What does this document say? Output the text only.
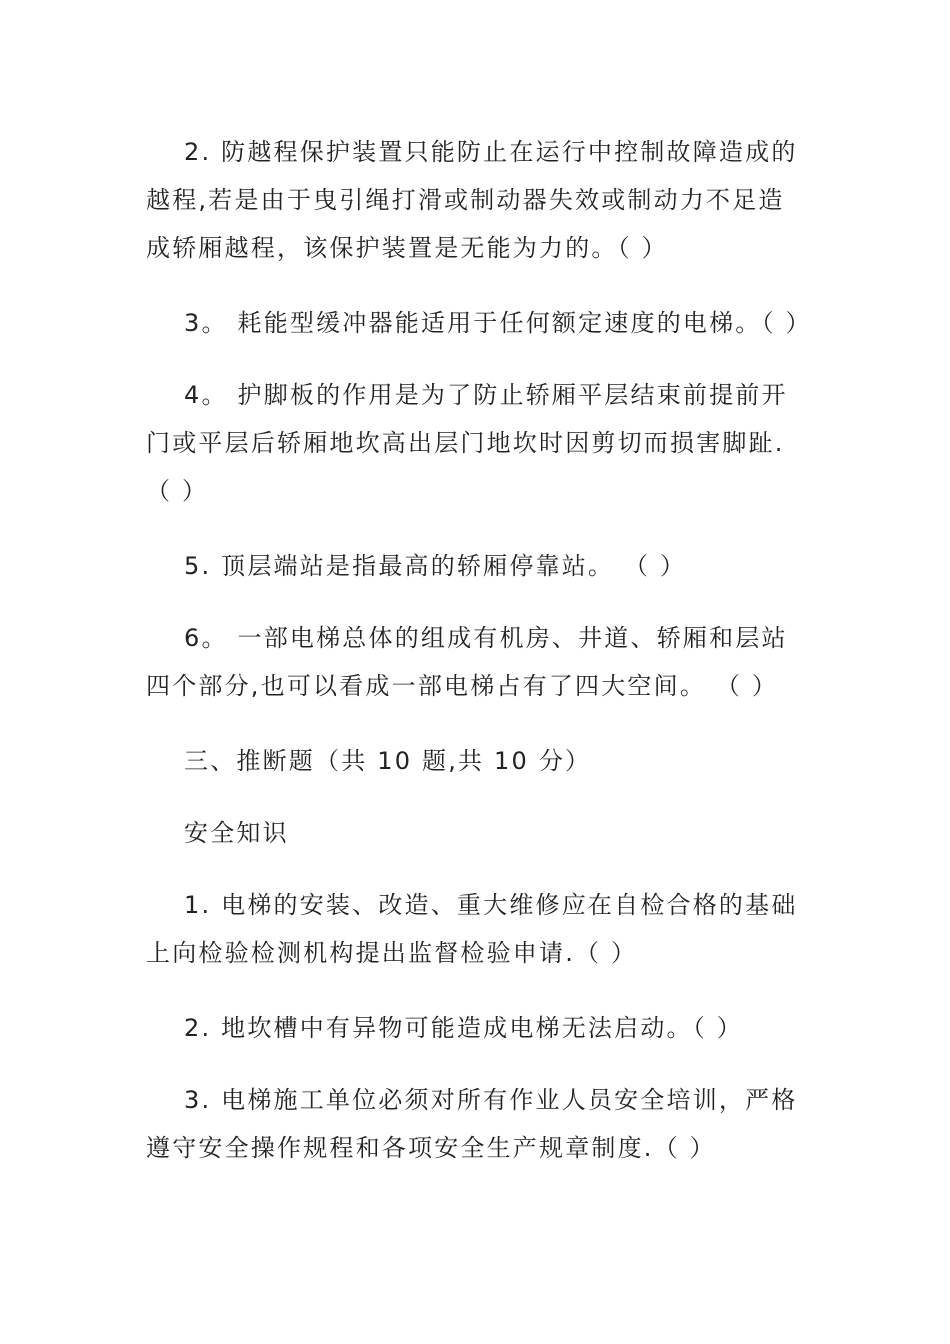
2. 防越程保护装置只能防止在运行中控制故障造成的越程,若是由于曳引绳打滑或制动器失效或制动力不足造成轿厢越程，该保护装置是无能为力的。（ ）

3。 耗能型缓冲器能适用于任何额定速度的电梯。（ ）

4。 护脚板的作用是为了防止轿厢平层结束前提前开门或平层后轿厢地坎高出层门地坎时因剪切而损害脚趾.（ ）

5. 顶层端站是指最高的轿厢停靠站。 （ ）

6。 一部电梯总体的组成有机房、井道、轿厢和层站四个部分,也可以看成一部电梯占有了四大空间。 （ ）

三、推断题（共 10 题,共 10 分）

安全知识

1. 电梯的安装、改造、重大维修应在自检合格的基础上向检验检测机构提出监督检验申请.（ ）

2. 地坎槽中有异物可能造成电梯无法启动。（ ）

3. 电梯施工单位必须对所有作业人员安全培训，严格遵守安全操作规程和各项安全生产规章制度.（ ）
